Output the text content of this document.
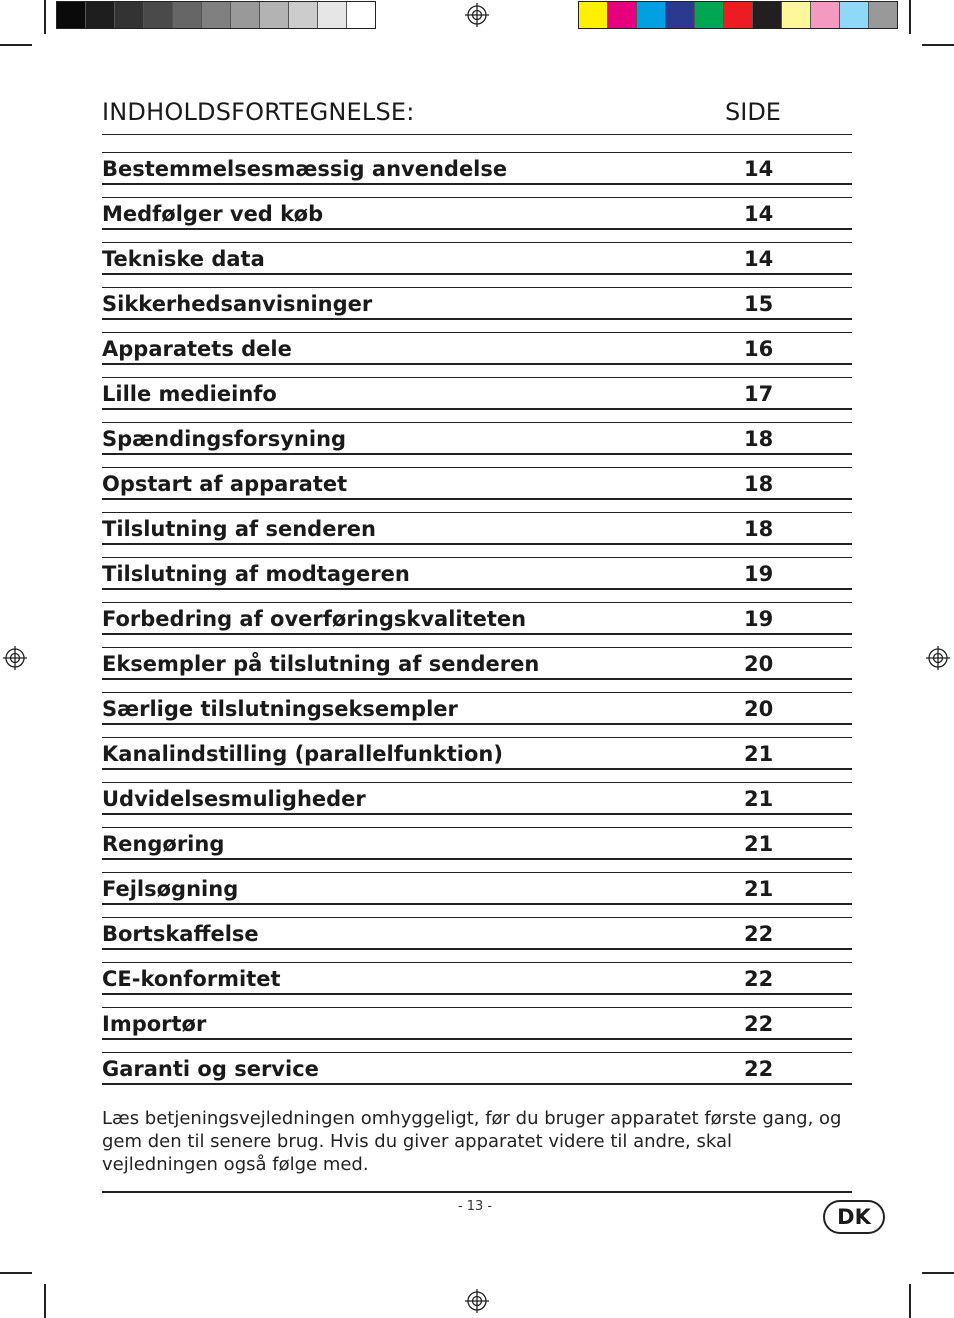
INDHOLDSFORTEGNELSE:	SIDE
Bestemmelsesmæssig anvendelse	14
Medfølger ved køb	14
Tekniske data	14
Sikkerhedsanvisninger	15
Apparatets dele	16
Lille medieinfo	17
Spændingsforsyning	18
Opstart af apparatet	18
Tilslutning af senderen	18
Tilslutning af modtageren	19
Forbedring af overføringskvaliteten	19
Eksempler på tilslutning af senderen	20
Særlige tilslutningseksempler	20
Kanalindstilling (parallelfunktion)	21
Udvidelsesmuligheder	21
Rengøring	21
Fejlsøgning	21
Bortskaffelse	22
CE-konformitet	22
Importør	22
Garanti og service	22
Læs betjeningsvejledningen omhyggeligt, før du bruger apparatet første gang, og gem den til senere brug. Hvis du giver apparatet videre til andre, skal vejledningen også følge med.
- 13 -	DK
